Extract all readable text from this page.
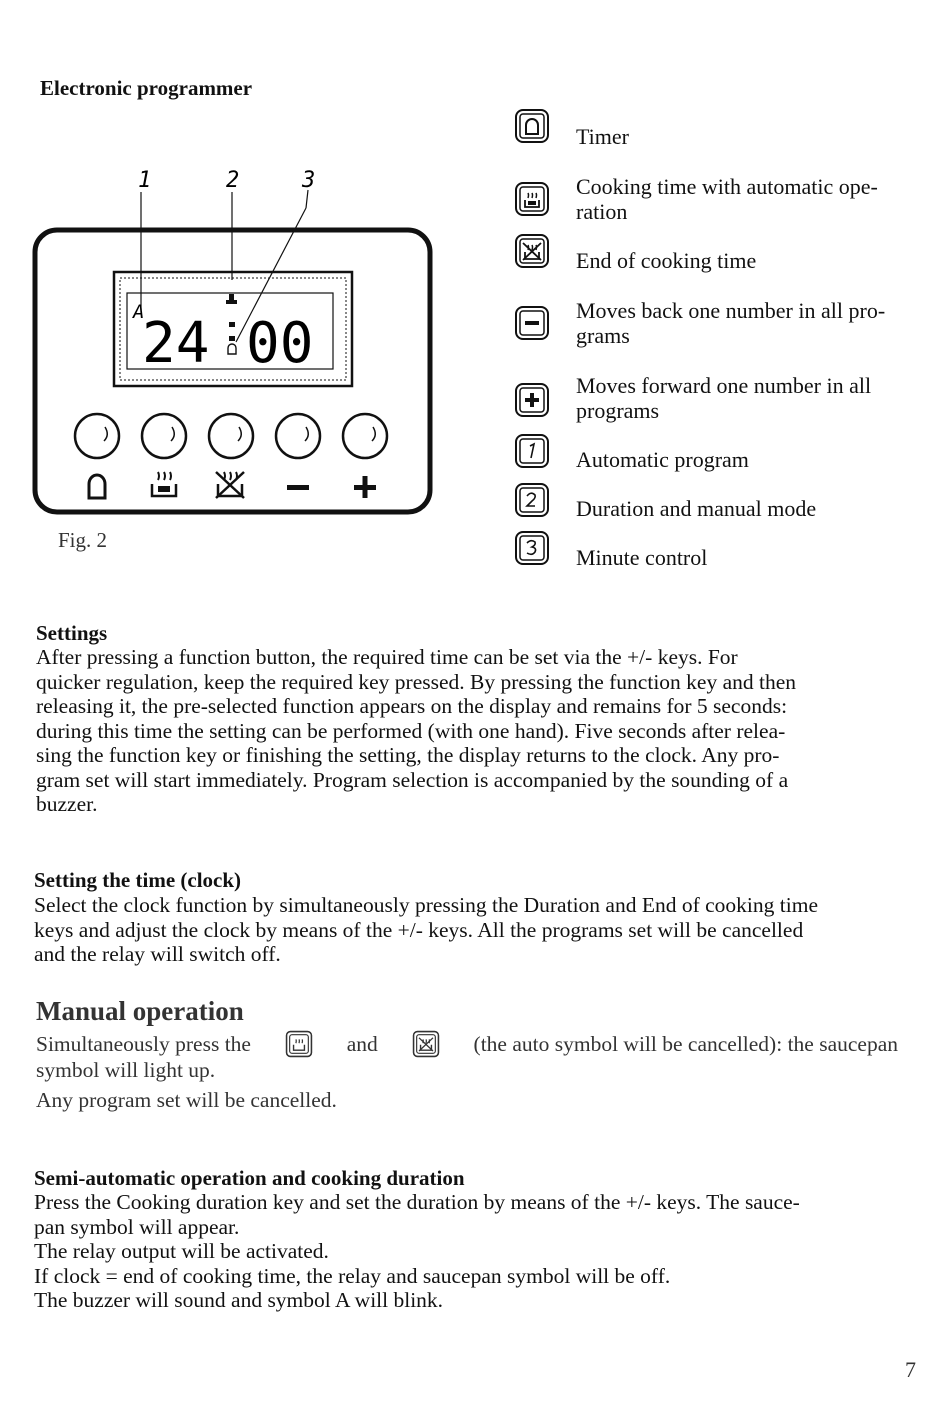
Electronic programmer
1	2	3
A
24 00
Fig. 2
Timer
Cooking time with automatic ope-
ration
End of cooking time
Moves back one number in all pro-
grams
Moves forward one number in all
programs
Automatic program
Duration and manual mode
Minute control
Settings
After pressing a function button, the required time can be set via the +/- keys. For
quicker regulation, keep the required key pressed. By pressing the function key and then
releasing it, the pre-selected function appears on the display and remains for 5 seconds:
during this time the setting can be performed (with one hand). Five seconds after relea-
sing the function key or finishing the setting, the display returns to the clock. Any pro-
gram set will start immediately. Program selection is accompanied by the sounding of a
buzzer.
Setting the time (clock)
Select the clock function by simultaneously pressing the Duration and End of cooking time
keys and adjust the clock by means of the +/- keys. All the programs set will be cancelled
and the relay will switch off.
Manual operation
Simultaneously press the	and	(the auto symbol will be cancelled): the saucepan
symbol will light up.
Any program set will be cancelled.
Semi-automatic operation and cooking duration
Press the Cooking duration key and set the duration by means of the +/- keys. The sauce-
pan symbol will appear.
The relay output will be activated.
If clock = end of cooking time, the relay and saucepan symbol will be off.
The buzzer will sound and symbol A will blink.
7
